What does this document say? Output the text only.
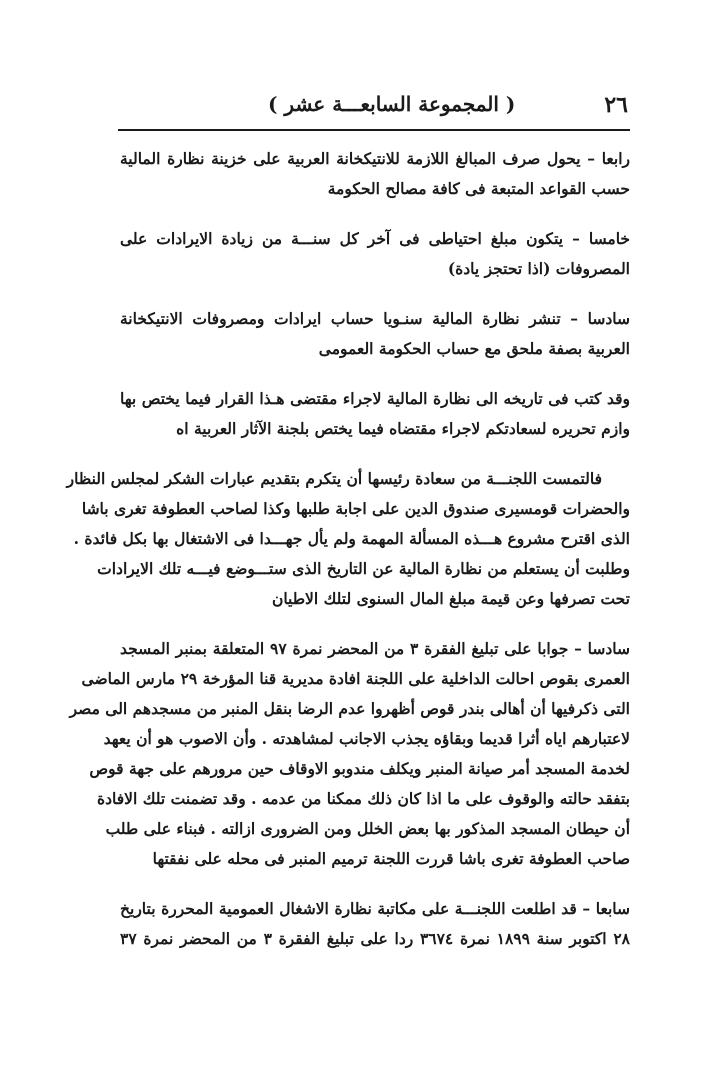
٢٦
( المجموعة السابعـــة عشر )
رابعا – يحول صرف المبالغ اللازمة للانتيكخانة العربية على خزينة نظارة المالية
حسب القواعد المتبعة فى كافة مصالح الحكومة
خامسا – يتكون مبلغ احتياطى فى آخر كل سنـــة من زيادة الايرادات على
المصروفات (اذا تحتجز يادة)
سادسا – تنشر نظارة المالية سنـويا حساب ايرادات ومصروفات الانتيكخانة
العربية بصفة ملحق مع حساب الحكومة العمومى
وقد كتب فى تاريخه الى نظارة المالية لاجراء مقتضى هـذا القرار فيما يختص بها
وازم تحريره لسعادتكم لاجراء مقتضاه فيما يختص بلجنة الآثار العربية اه
فالتمست اللجنـــة من سعادة رئيسها أن يتكرم بتقديم عبارات الشكر لمجلس النظار
والحضرات قومسيرى صندوق الدين على اجابة طلبها وكذا لصاحب العطوفة تغرى باشا
الذى اقترح مشروع هـــذه المسألة المهمة ولم يأل جهـــدا فى الاشتغال بها بكل فائدة .
وطلبت أن يستعلم من نظارة المالية عن التاريخ الذى ستـــوضع فيـــه تلك الايرادات
تحت تصرفها وعن قيمة مبلغ المال السنوى لتلك الاطيان
سادسا – جوابا على تبليغ الفقرة ٣ من المحضر نمرة ٩٧ المتعلقة بمنبر المسجد
العمرى بقوص احالت الداخلية على اللجنة افادة مديرية قنا المؤرخة ٢٩ مارس الماضى
التى ذكرفيها أن أهالى بندر قوص أظهروا عدم الرضا بنقل المنبر من مسجدهم الى مصر
لاعتبارهم اياه أثرا قديما وبقاؤه يجذب الاجانب لمشاهدته . وأن الاصوب هو أن يعهد
لخدمة المسجد أمر صيانة المنبر ويكلف مندوبو الاوقاف حين مرورهم على جهة قوص
بتفقد حالته والوقوف على ما اذا كان ذلك ممكنا من عدمه . وقد تضمنت تلك الافادة
أن حيطان المسجد المذكور بها بعض الخلل ومن الضرورى ازالته . فبناء على طلب
صاحب العطوفة تغرى باشا قررت اللجنة ترميم المنبر فى محله على نفقتها
سابعا – قد اطلعت اللجنـــة على مكاتبة نظارة الاشغال العمومية المحررة بتاريخ
٢٨ اكتوبر سنة ١٨٩٩ نمرة ٣٦٧٤ ردا على تبليغ الفقرة ٣ من المحضر نمرة ٣٧
